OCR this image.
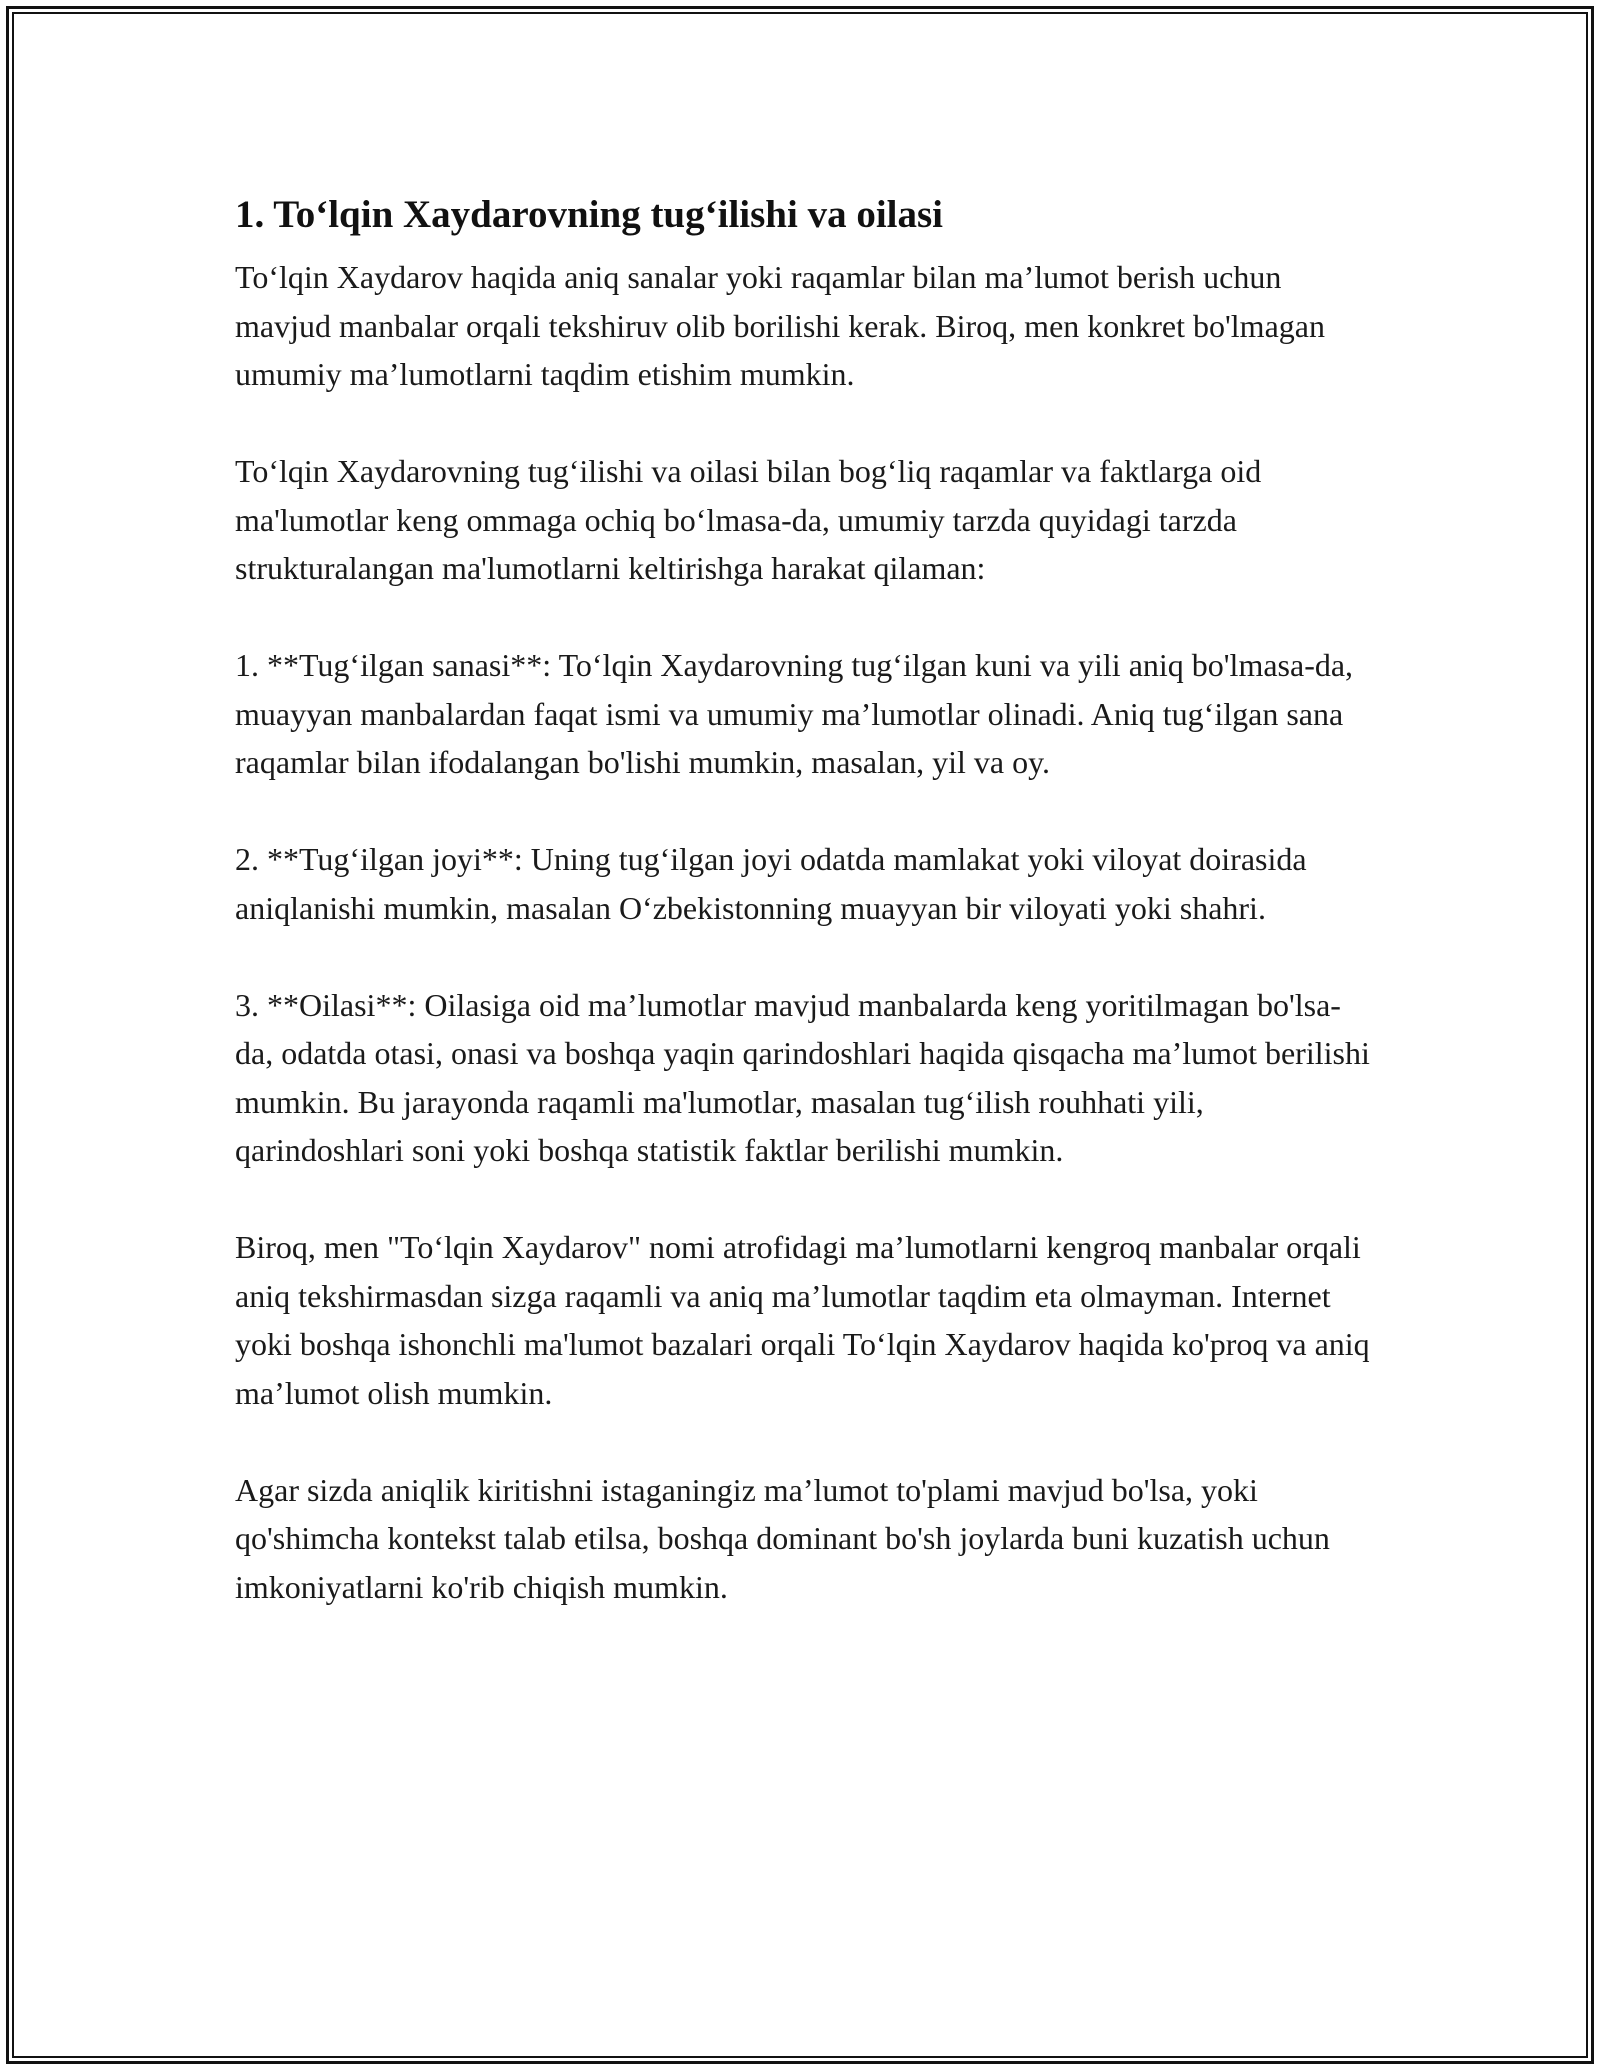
1. To‘lqin Xaydarovning tug‘ilishi va oilasi

To‘lqin Xaydarov haqida aniq sanalar yoki raqamlar bilan ma’lumot berish uchun mavjud manbalar orqali tekshiruv olib borilishi kerak. Biroq, men konkret bo'lmagan umumiy ma’lumotlarni taqdim etishim mumkin.

To‘lqin Xaydarovning tug‘ilishi va oilasi bilan bog‘liq raqamlar va faktlarga oid ma'lumotlar keng ommaga ochiq bo‘lmasa-da, umumiy tarzda quyidagi tarzda strukturalangan ma'lumotlarni keltirishga harakat qilaman:

1. **Tug‘ilgan sanasi**: To‘lqin Xaydarovning tug‘ilgan kuni va yili aniq bo'lmasa-da, muayyan manbalardan faqat ismi va umumiy ma’lumotlar olinadi. Aniq tug‘ilgan sana raqamlar bilan ifodalangan bo'lishi mumkin, masalan, yil va oy.

2. **Tug‘ilgan joyi**: Uning tug‘ilgan joyi odatda mamlakat yoki viloyat doirasida aniqlanishi mumkin, masalan O‘zbekistonning muayyan bir viloyati yoki shahri.

3. **Oilasi**: Oilasiga oid ma’lumotlar mavjud manbalarda keng yoritilmagan bo'lsa-da, odatda otasi, onasi va boshqa yaqin qarindoshlari haqida qisqacha ma’lumot berilishi mumkin. Bu jarayonda raqamli ma'lumotlar, masalan tug‘ilish rouhhati yili, qarindoshlari soni yoki boshqa statistik faktlar berilishi mumkin.

Biroq, men "To‘lqin Xaydarov" nomi atrofidagi ma’lumotlarni kengroq manbalar orqali aniq tekshirmasdan sizga raqamli va aniq ma’lumotlar taqdim eta olmayman. Internet yoki boshqa ishonchli ma'lumot bazalari orqali To‘lqin Xaydarov haqida ko'proq va aniq ma’lumot olish mumkin.

Agar sizda aniqlik kiritishni istaganingiz ma’lumot to'plami mavjud bo'lsa, yoki qo'shimcha kontekst talab etilsa, boshqa dominant bo'sh joylarda buni kuzatish uchun imkoniyatlarni ko'rib chiqish mumkin.
